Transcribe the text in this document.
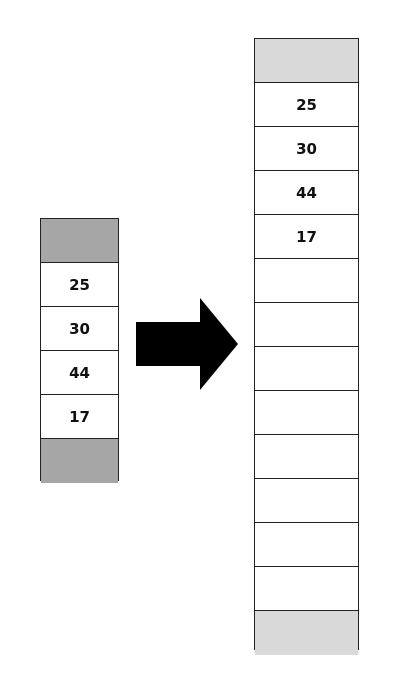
25
30
44
17
25
30
44
17
